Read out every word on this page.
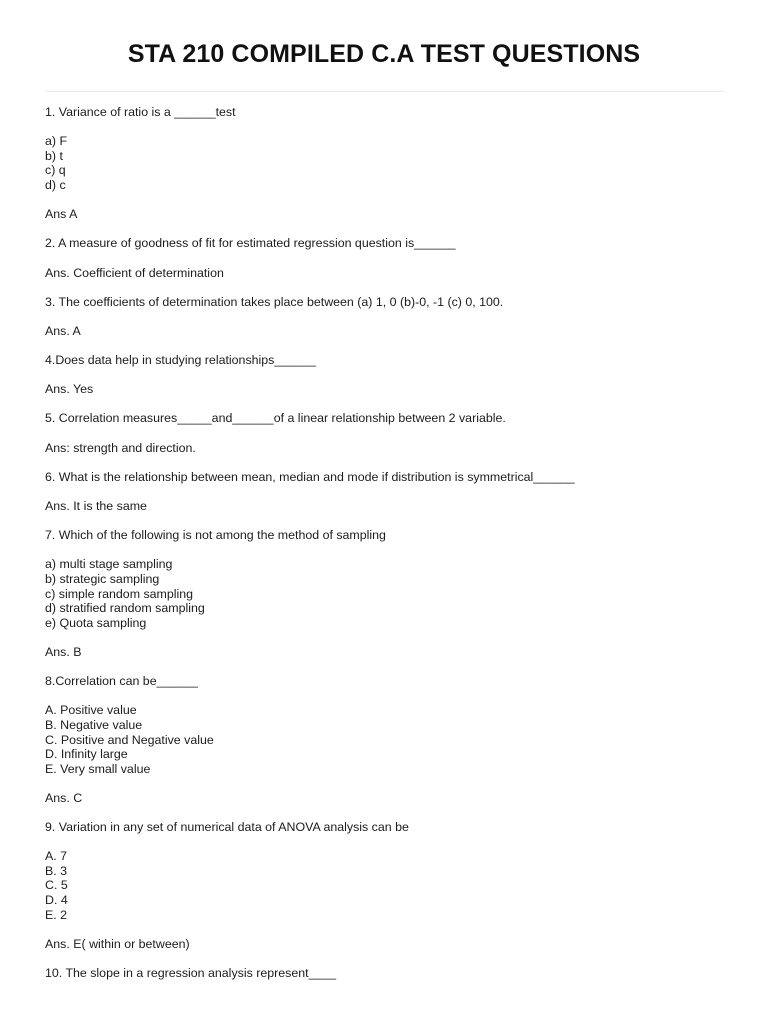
STA 210 COMPILED C.A TEST QUESTIONS
1. Variance of ratio is a ______test
a) F
b) t
c) q
d) c
Ans A
2. A measure of goodness of fit for estimated regression question is______
Ans. Coefficient of determination
3. The coefficients of determination takes place between (a) 1, 0 (b)-0, -1 (c) 0, 100.
Ans. A
4.Does data help in studying relationships______
Ans. Yes
5. Correlation measures_____and______of a linear relationship between 2 variable.
Ans: strength and direction.
6. What is the relationship between mean, median and mode if distribution is symmetrical______
Ans. It is the same
7. Which of the following is not among the method of sampling
a) multi stage sampling
b) strategic sampling
c) simple random sampling
d) stratified random sampling
e) Quota sampling
Ans. B
8.Correlation can be______
A. Positive value
B. Negative value
C. Positive and Negative value
D. Infinity large
E. Very small value
Ans. C
9. Variation in any set of numerical data of ANOVA analysis can be
A. 7
B. 3
C. 5
D. 4
E. 2
Ans. E( within or between)
10. The slope in a regression analysis represent____
